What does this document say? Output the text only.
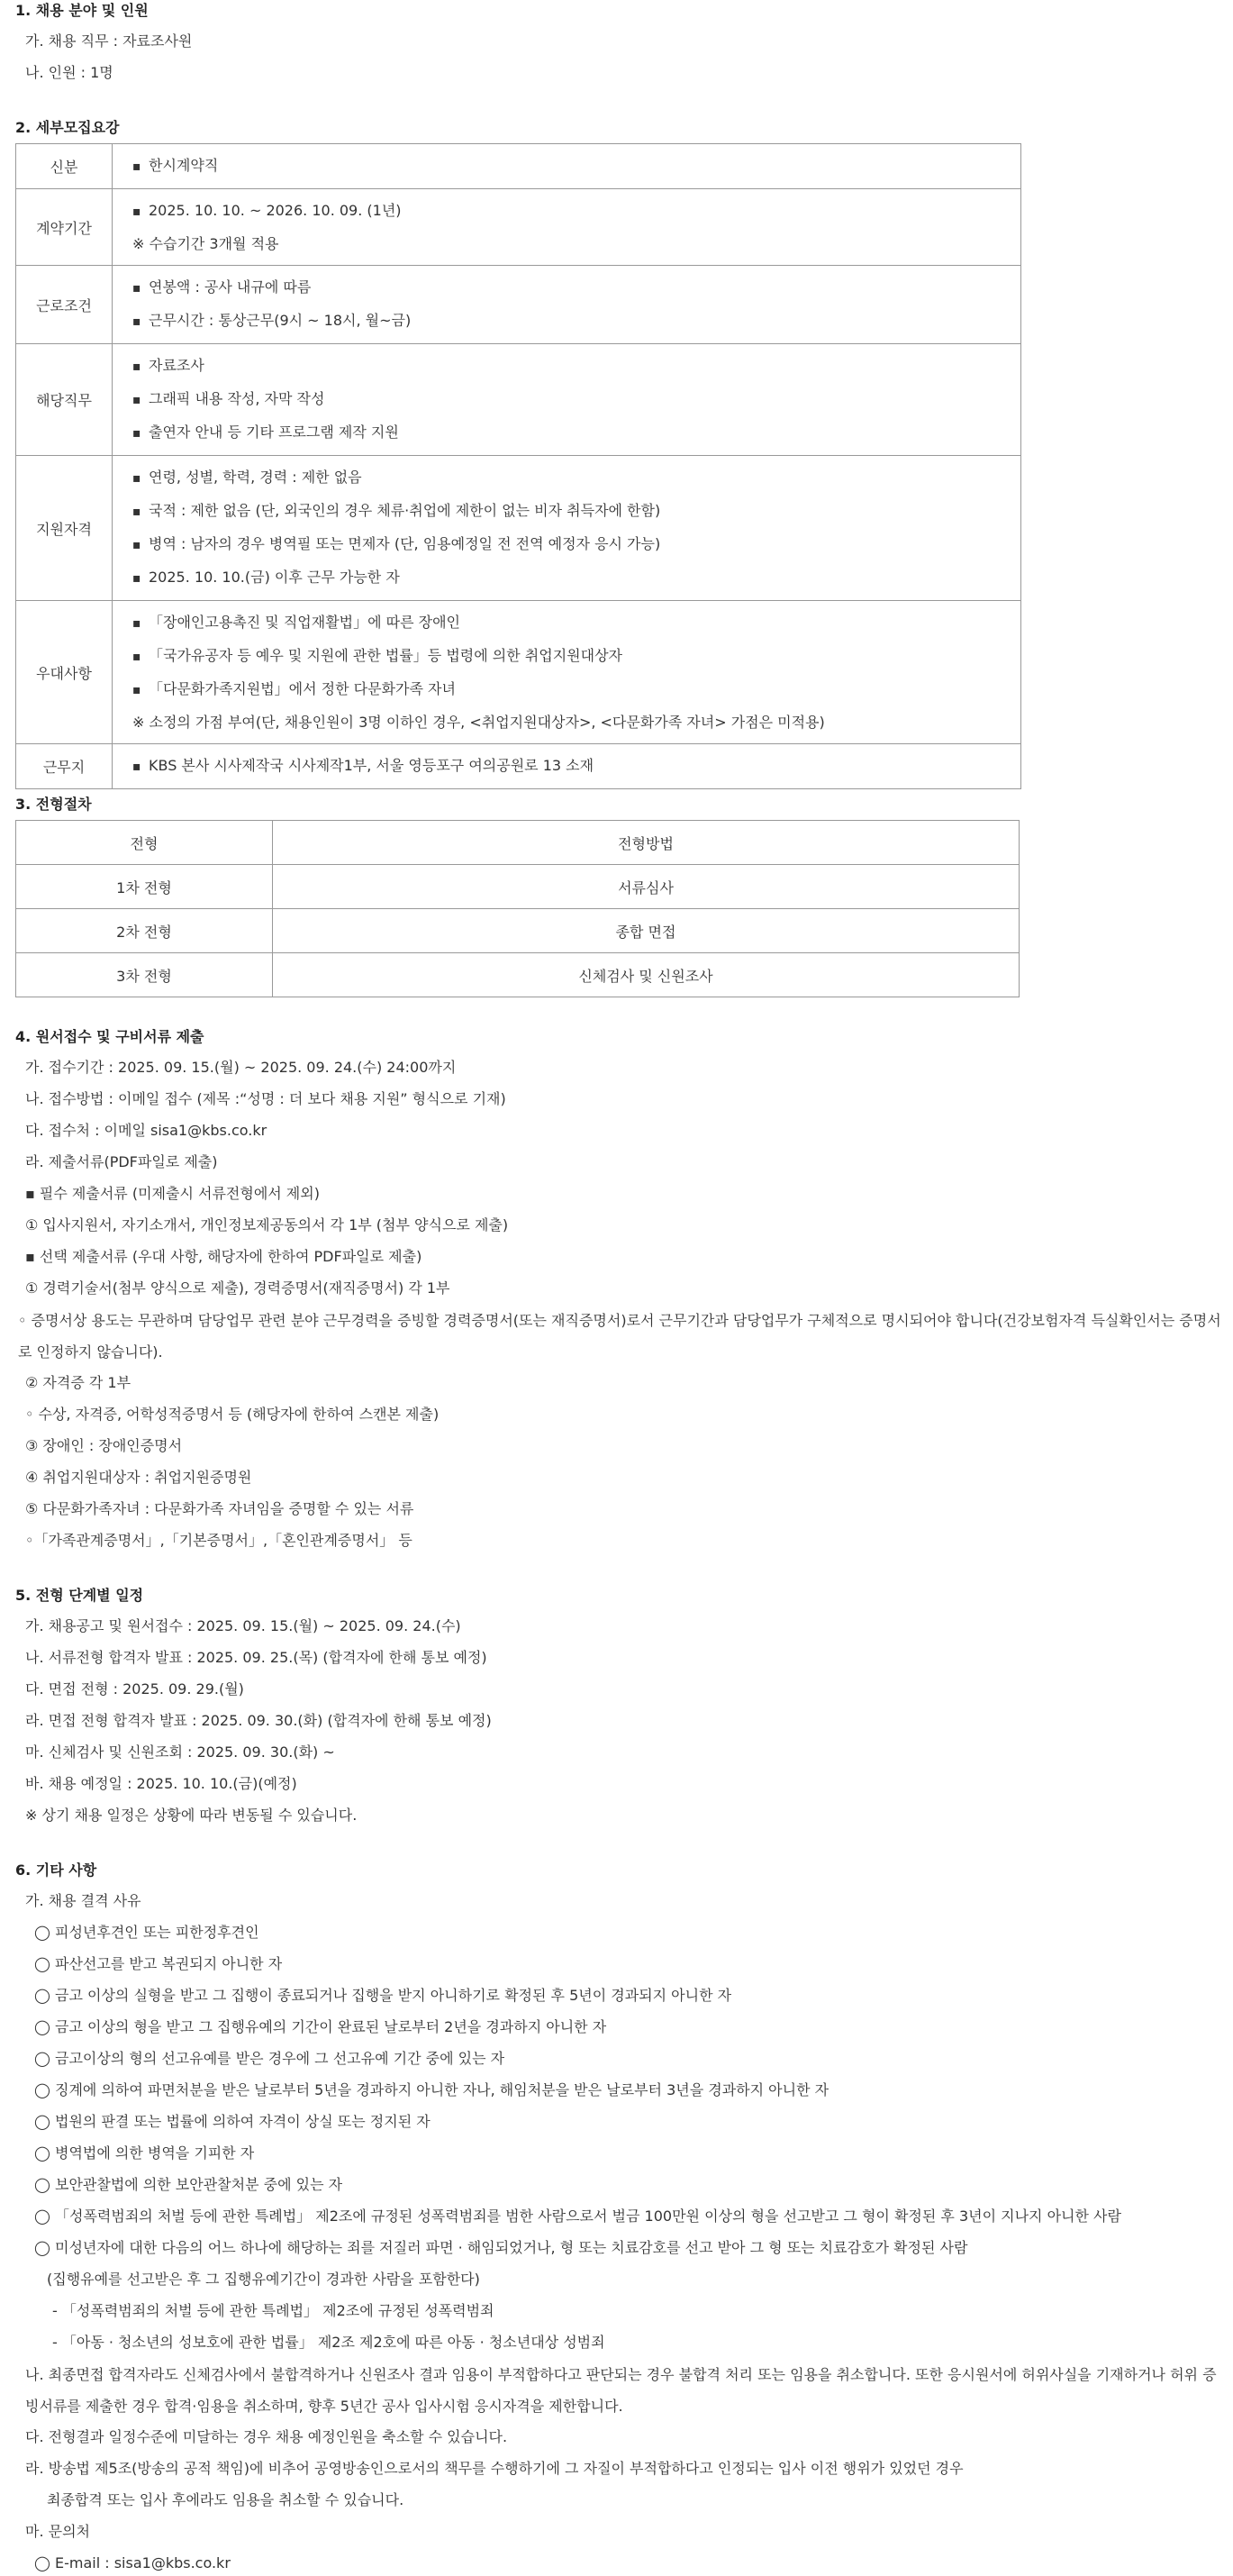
1. 채용 분야 및 인원
가. 채용 직무 : 자료조사원
나. 인원 : 1명
2. 세부모집요강
신분	▪ 한시계약직

계약기간	▪ 2025. 10. 10. ~ 2026. 10. 09. (1년)
※ 수습기간 3개월 적용

근로조건	▪ 연봉액 : 공사 내규에 따름
▪ 근무시간 : 통상근무(9시 ~ 18시, 월~금)

해당직무	▪ 자료조사
▪ 그래픽 내용 작성, 자막 작성
▪ 출연자 안내 등 기타 프로그램 제작 지원

지원자격	▪ 연령, 성별, 학력, 경력 : 제한 없음
▪ 국적 : 제한 없음 (단, 외국인의 경우 체류·취업에 제한이 없는 비자 취득자에 한함)
▪ 병역 : 남자의 경우 병역필 또는 면제자 (단, 임용예정일 전 전역 예정자 응시 가능)
▪ 2025. 10. 10.(금) 이후 근무 가능한 자

우대사항	▪ 「장애인고용촉진 및 직업재활법」에 따른 장애인
▪ 「국가유공자 등 예우 및 지원에 관한 법률」등 법령에 의한 취업지원대상자
▪ 「다문화가족지원법」에서 정한 다문화가족 자녀
※ 소정의 가점 부여(단, 채용인원이 3명 이하인 경우, <취업지원대상자>, <다문화가족 자녀> 가점은 미적용)

근무지	▪ KBS 본사 시사제작국 시사제작1부, 서울 영등포구 여의공원로 13 소재
3. 전형절차
전형	전형방법
1차 전형	서류심사
2차 전형	종합 면접
3차 전형	신체검사 및 신원조사
4. 원서접수 및 구비서류 제출
가. 접수기간 : 2025. 09. 15.(월) ~ 2025. 09. 24.(수) 24:00까지
나. 접수방법 : 이메일 접수 (제목 :“성명 : 더 보다 채용 지원” 형식으로 기재)
다. 접수처 : 이메일 sisa1@kbs.co.kr
라. 제출서류(PDF파일로 제출)
▪ 필수 제출서류 (미제출시 서류전형에서 제외)
① 입사지원서, 자기소개서, 개인정보제공동의서 각 1부 (첨부 양식으로 제출)
▪ 선택 제출서류 (우대 사항, 해당자에 한하여 PDF파일로 제출)
① 경력기술서(첨부 양식으로 제출), 경력증명서(재직증명서) 각 1부
◦ 증명서상 용도는 무관하며 담당업무 관련 분야 근무경력을 증빙할 경력증명서(또는 재직증명서)로서 근무기간과 담당업무가 구체적으로 명시되어야 합니다(건강보험자격 득실확인서는 증명서로 인정하지 않습니다).
② 자격증 각 1부
◦ 수상, 자격증, 어학성적증명서 등 (해당자에 한하여 스캔본 제출)
③ 장애인 : 장애인증명서
④ 취업지원대상자 : 취업지원증명원
⑤ 다문화가족자녀 : 다문화가족 자녀임을 증명할 수 있는 서류
◦「가족관계증명서」,「기본증명서」,「혼인관계증명서」 등
5. 전형 단계별 일정
가. 채용공고 및 원서접수 : 2025. 09. 15.(월) ~ 2025. 09. 24.(수)
나. 서류전형 합격자 발표 : 2025. 09. 25.(목) (합격자에 한해 통보 예정)
다. 면접 전형 : 2025. 09. 29.(월)
라. 면접 전형 합격자 발표 : 2025. 09. 30.(화) (합격자에 한해 통보 예정)
마. 신체검사 및 신원조회 : 2025. 09. 30.(화) ~
바. 채용 예정일 : 2025. 10. 10.(금)(예정)
※ 상기 채용 일정은 상황에 따라 변동될 수 있습니다.
6. 기타 사항
가. 채용 결격 사유
◯ 피성년후견인 또는 피한정후견인
◯ 파산선고를 받고 복권되지 아니한 자
◯ 금고 이상의 실형을 받고 그 집행이 종료되거나 집행을 받지 아니하기로 확정된 후 5년이 경과되지 아니한 자
◯ 금고 이상의 형을 받고 그 집행유예의 기간이 완료된 날로부터 2년을 경과하지 아니한 자
◯ 금고이상의 형의 선고유예를 받은 경우에 그 선고유예 기간 중에 있는 자
◯ 징계에 의하여 파면처분을 받은 날로부터 5년을 경과하지 아니한 자나, 해임처분을 받은 날로부터 3년을 경과하지 아니한 자
◯ 법원의 판결 또는 법률에 의하여 자격이 상실 또는 정지된 자
◯ 병역법에 의한 병역을 기피한 자
◯ 보안관찰법에 의한 보안관찰처분 중에 있는 자
◯ 「성폭력범죄의 처벌 등에 관한 특례법」 제2조에 규정된 성폭력범죄를 범한 사람으로서 벌금 100만원 이상의 형을 선고받고 그 형이 확정된 후 3년이 지나지 아니한 사람
◯ 미성년자에 대한 다음의 어느 하나에 해당하는 죄를 저질러 파면 · 해임되었거나, 형 또는 치료감호를 선고 받아 그 형 또는 치료감호가 확정된 사람
(집행유예를 선고받은 후 그 집행유예기간이 경과한 사람을 포함한다)
- 「성폭력범죄의 처벌 등에 관한 특례법」 제2조에 규정된 성폭력범죄
- 「아동 · 청소년의 성보호에 관한 법률」 제2조 제2호에 따른 아동 · 청소년대상 성범죄
나. 최종면접 합격자라도 신체검사에서 불합격하거나 신원조사 결과 임용이 부적합하다고 판단되는 경우 불합격 처리 또는 임용을 취소합니다. 또한 응시원서에 허위사실을 기재하거나 허위 증빙서류를 제출한 경우 합격·임용을 취소하며, 향후 5년간 공사 입사시험 응시자격을 제한합니다.
다. 전형결과 일정수준에 미달하는 경우 채용 예정인원을 축소할 수 있습니다.
라. 방송법 제5조(방송의 공적 책임)에 비추어 공영방송인으로서의 책무를 수행하기에 그 자질이 부적합하다고 인정되는 입사 이전 행위가 있었던 경우
최종합격 또는 입사 후에라도 임용을 취소할 수 있습니다.
마. 문의처
◯ E-mail : sisa1@kbs.co.kr
